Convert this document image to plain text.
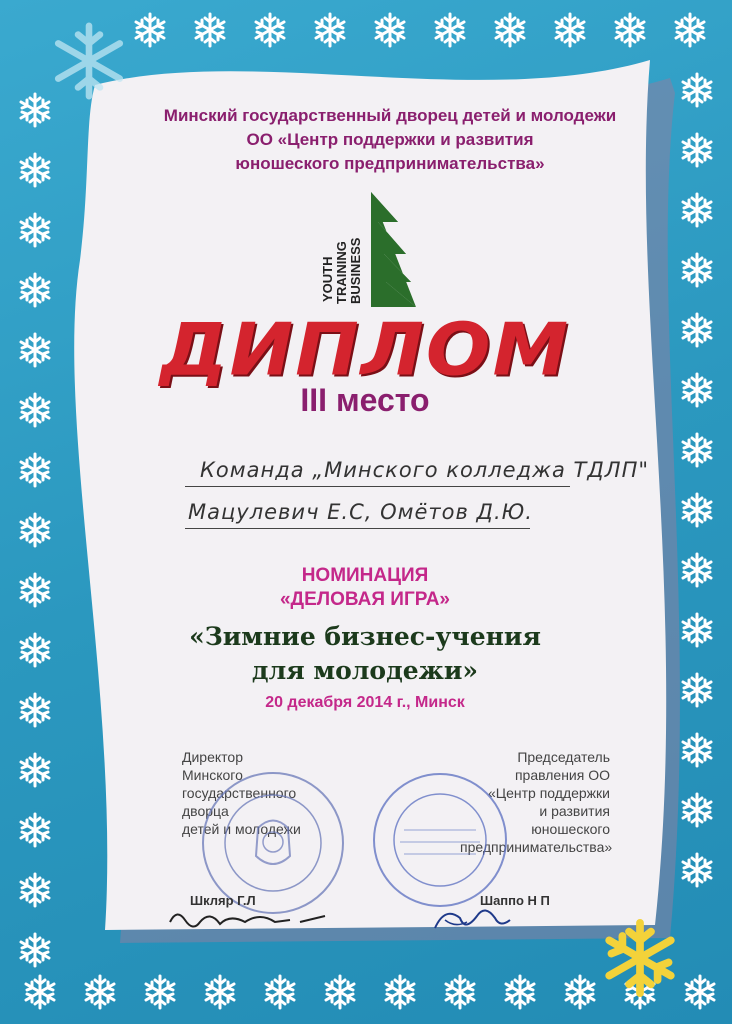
Минский государственный дворец детей и молодежи
ОО «Центр поддержки и развития
юношеского предпринимательства»
YOUTH TRAINING BUSINESS
ДИПЛОМ
III место
Команда „Минского колледжа ТДЛП"
Мацулевич Е.С, Омётов Д.Ю.
НОМИНАЦИЯ
«ДЕЛОВАЯ ИГРА»
«Зимние бизнес-учения
для молодежи»
20 декабря 2014 г., Минск
Директор
Минского
государственного
дворца
детей и молодежи
Шкляр Г.Л
Председатель
правления ОО
«Центр поддержки
и развития
юношеского
предпринимательства»
Шаппо Н П
